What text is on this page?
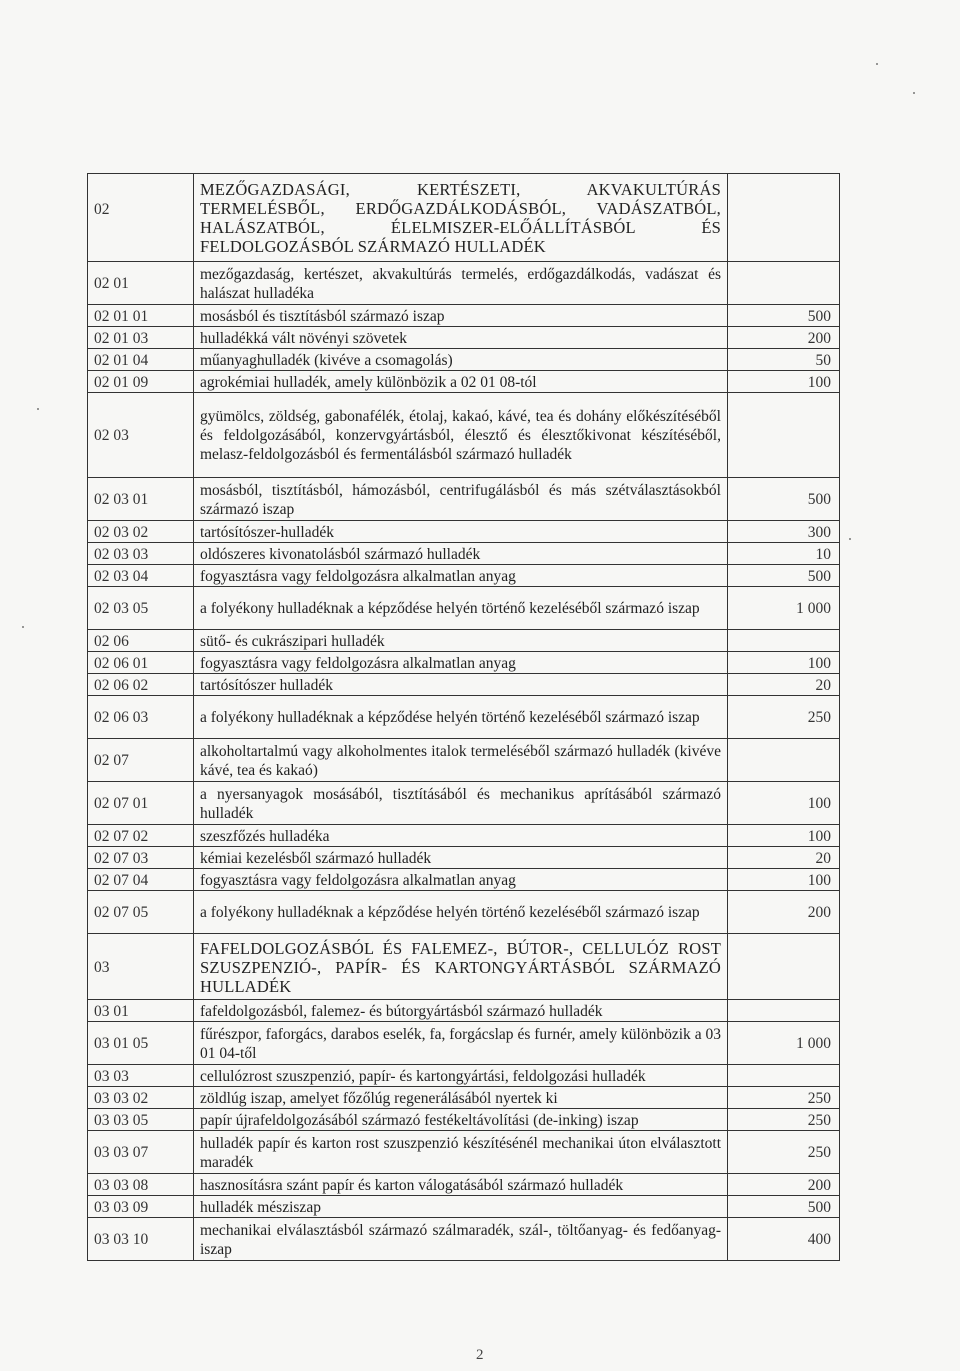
02	MEZŐGAZDASÁGI, KERTÉSZETI, AKVAKULTÚRÁS TERMELÉSBŐL, ERDŐGAZDÁLKODÁSBÓL, VADÁSZATBÓL, HALÁSZATBÓL, ÉLELMISZER-ELŐÁLLÍTÁSBÓL ÉS FELDOLGOZÁSBÓL SZÁRMAZÓ HULLADÉK	
02 01	mezőgazdaság, kertészet, akvakultúrás termelés, erdőgazdálkodás, vadászat és halászat hulladéka	
02 01 01	mosásból és tisztításból származó iszap	500
02 01 03	hulladékká vált növényi szövetek	200
02 01 04	műanyaghulladék (kivéve a csomagolás)	50
02 01 09	agrokémiai hulladék, amely különbözik a 02 01 08-tól	100
02 03	gyümölcs, zöldség, gabonafélék, étolaj, kakaó, kávé, tea és dohány előkészítéséből és feldolgozásából, konzervgyártásból, élesztő és élesztőkivonat készítéséből, melasz-feldolgozásból és fermentálásból származó hulladék	
02 03 01	mosásból, tisztításból, hámozásból, centrifugálásból és más szétválasztásokból származó iszap	500
02 03 02	tartósítószer-hulladék	300
02 03 03	oldószeres kivonatolásból származó hulladék	10
02 03 04	fogyasztásra vagy feldolgozásra alkalmatlan anyag	500
02 03 05	a folyékony hulladéknak a képződése helyén történő kezeléséből származó iszap	1 000
02 06	sütő- és cukrászipari hulladék	
02 06 01	fogyasztásra vagy feldolgozásra alkalmatlan anyag	100
02 06 02	tartósítószer hulladék	20
02 06 03	a folyékony hulladéknak a képződése helyén történő kezeléséből származó iszap	250
02 07	alkoholtartalmú vagy alkoholmentes italok termeléséből származó hulladék (kivéve kávé, tea és kakaó)	
02 07 01	a nyersanyagok mosásából, tisztításából és mechanikus aprításából származó hulladék	100
02 07 02	szeszfőzés hulladéka	100
02 07 03	kémiai kezelésből származó hulladék	20
02 07 04	fogyasztásra vagy feldolgozásra alkalmatlan anyag	100
02 07 05	a folyékony hulladéknak a képződése helyén történő kezeléséből származó iszap	200
03	FAFELDOLGOZÁSBÓL ÉS FALEMEZ-, BÚTOR-, CELLULÓZ ROST SZUSZPENZIÓ-, PAPÍR- ÉS KARTONGYÁRTÁSBÓL SZÁRMAZÓ HULLADÉK	
03 01	fafeldolgozásból, falemez- és bútorgyártásból származó hulladék	
03 01 05	fűrészpor, faforgács, darabos eselék, fa, forgácslap és furnér, amely különbözik a 03 01 04-től	1 000
03 03	cellulózrost szuszpenzió, papír- és kartongyártási, feldolgozási hulladék	
03 03 02	zöldlúg iszap, amelyet főzőlúg regenerálásából nyertek ki	250
03 03 05	papír újrafeldolgozásából származó festékeltávolítási (de-inking) iszap	250
03 03 07	hulladék papír és karton rost szuszpenzió készítésénél mechanikai úton elválasztott maradék	250
03 03 08	hasznosításra szánt papír és karton válogatásából származó hulladék	200
03 03 09	hulladék mésziszap	500
03 03 10	mechanikai elválasztásból származó szálmaradék, szál-, töltőanyag- és fedőanyag-iszap	400
2
